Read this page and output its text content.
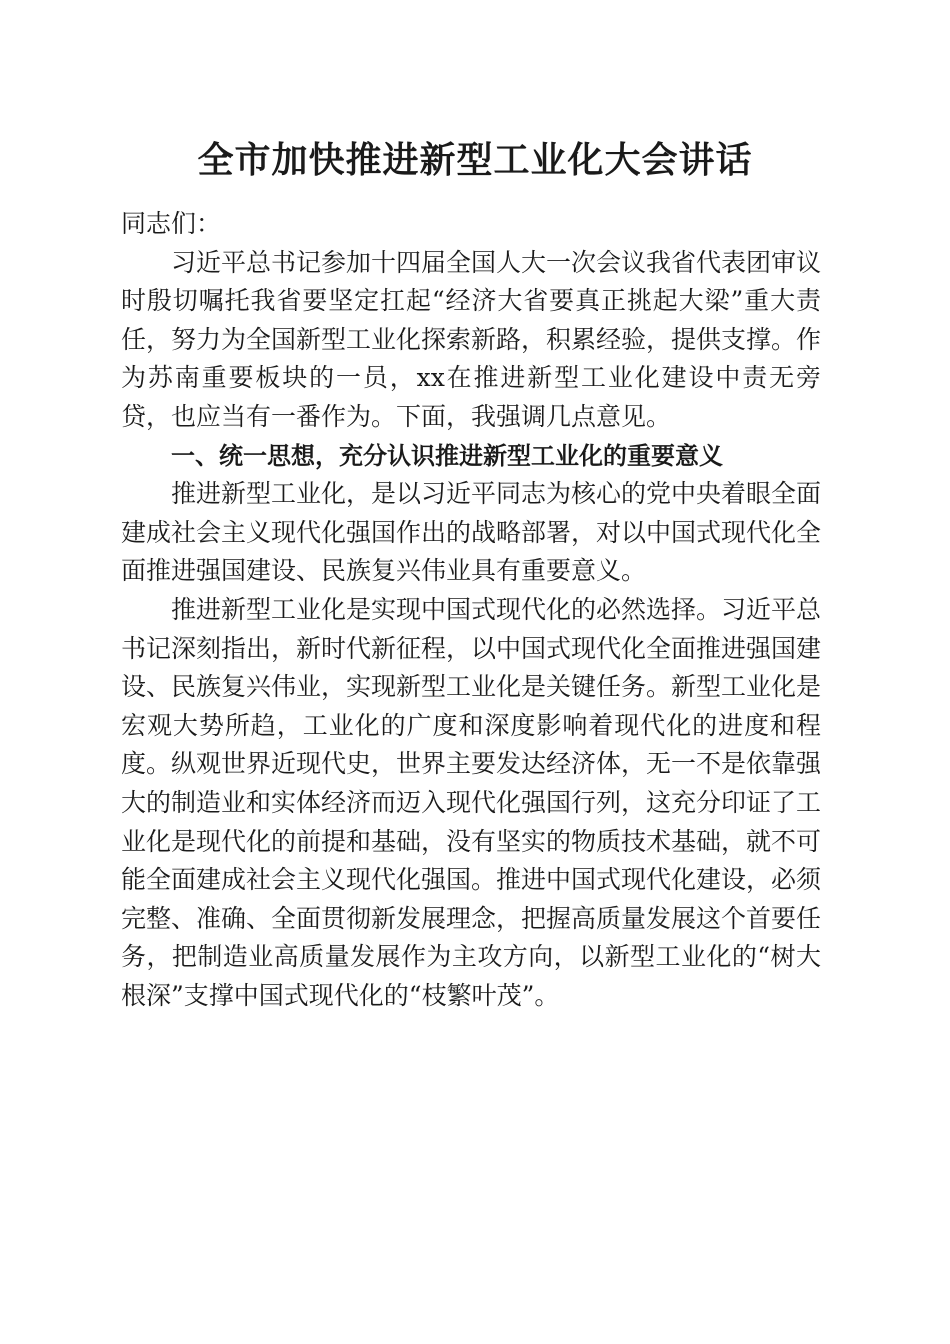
全市加快推进新型工业化大会讲话

同志们：

习近平总书记参加十四届全国人大一次会议我省代表团审议时殷切嘱托我省要坚定扛起“经济大省要真正挑起大梁”重大责任，努力为全国新型工业化探索新路，积累经验，提供支撑。作为苏南重要板块的一员，xx在推进新型工业化建设中责无旁贷，也应当有一番作为。下面，我强调几点意见。

一、统一思想，充分认识推进新型工业化的重要意义

推进新型工业化，是以习近平同志为核心的党中央着眼全面建成社会主义现代化强国作出的战略部署，对以中国式现代化全面推进强国建设、民族复兴伟业具有重要意义。

推进新型工业化是实现中国式现代化的必然选择。习近平总书记深刻指出，新时代新征程，以中国式现代化全面推进强国建设、民族复兴伟业，实现新型工业化是关键任务。新型工业化是宏观大势所趋，工业化的广度和深度影响着现代化的进度和程度。纵观世界近现代史，世界主要发达经济体，无一不是依靠强大的制造业和实体经济而迈入现代化强国行列，这充分印证了工业化是现代化的前提和基础，没有坚实的物质技术基础，就不可能全面建成社会主义现代化强国。推进中国式现代化建设，必须完整、准确、全面贯彻新发展理念，把握高质量发展这个首要任务，把制造业高质量发展作为主攻方向，以新型工业化的“树大根深”支撑中国式现代化的“枝繁叶茂”。
